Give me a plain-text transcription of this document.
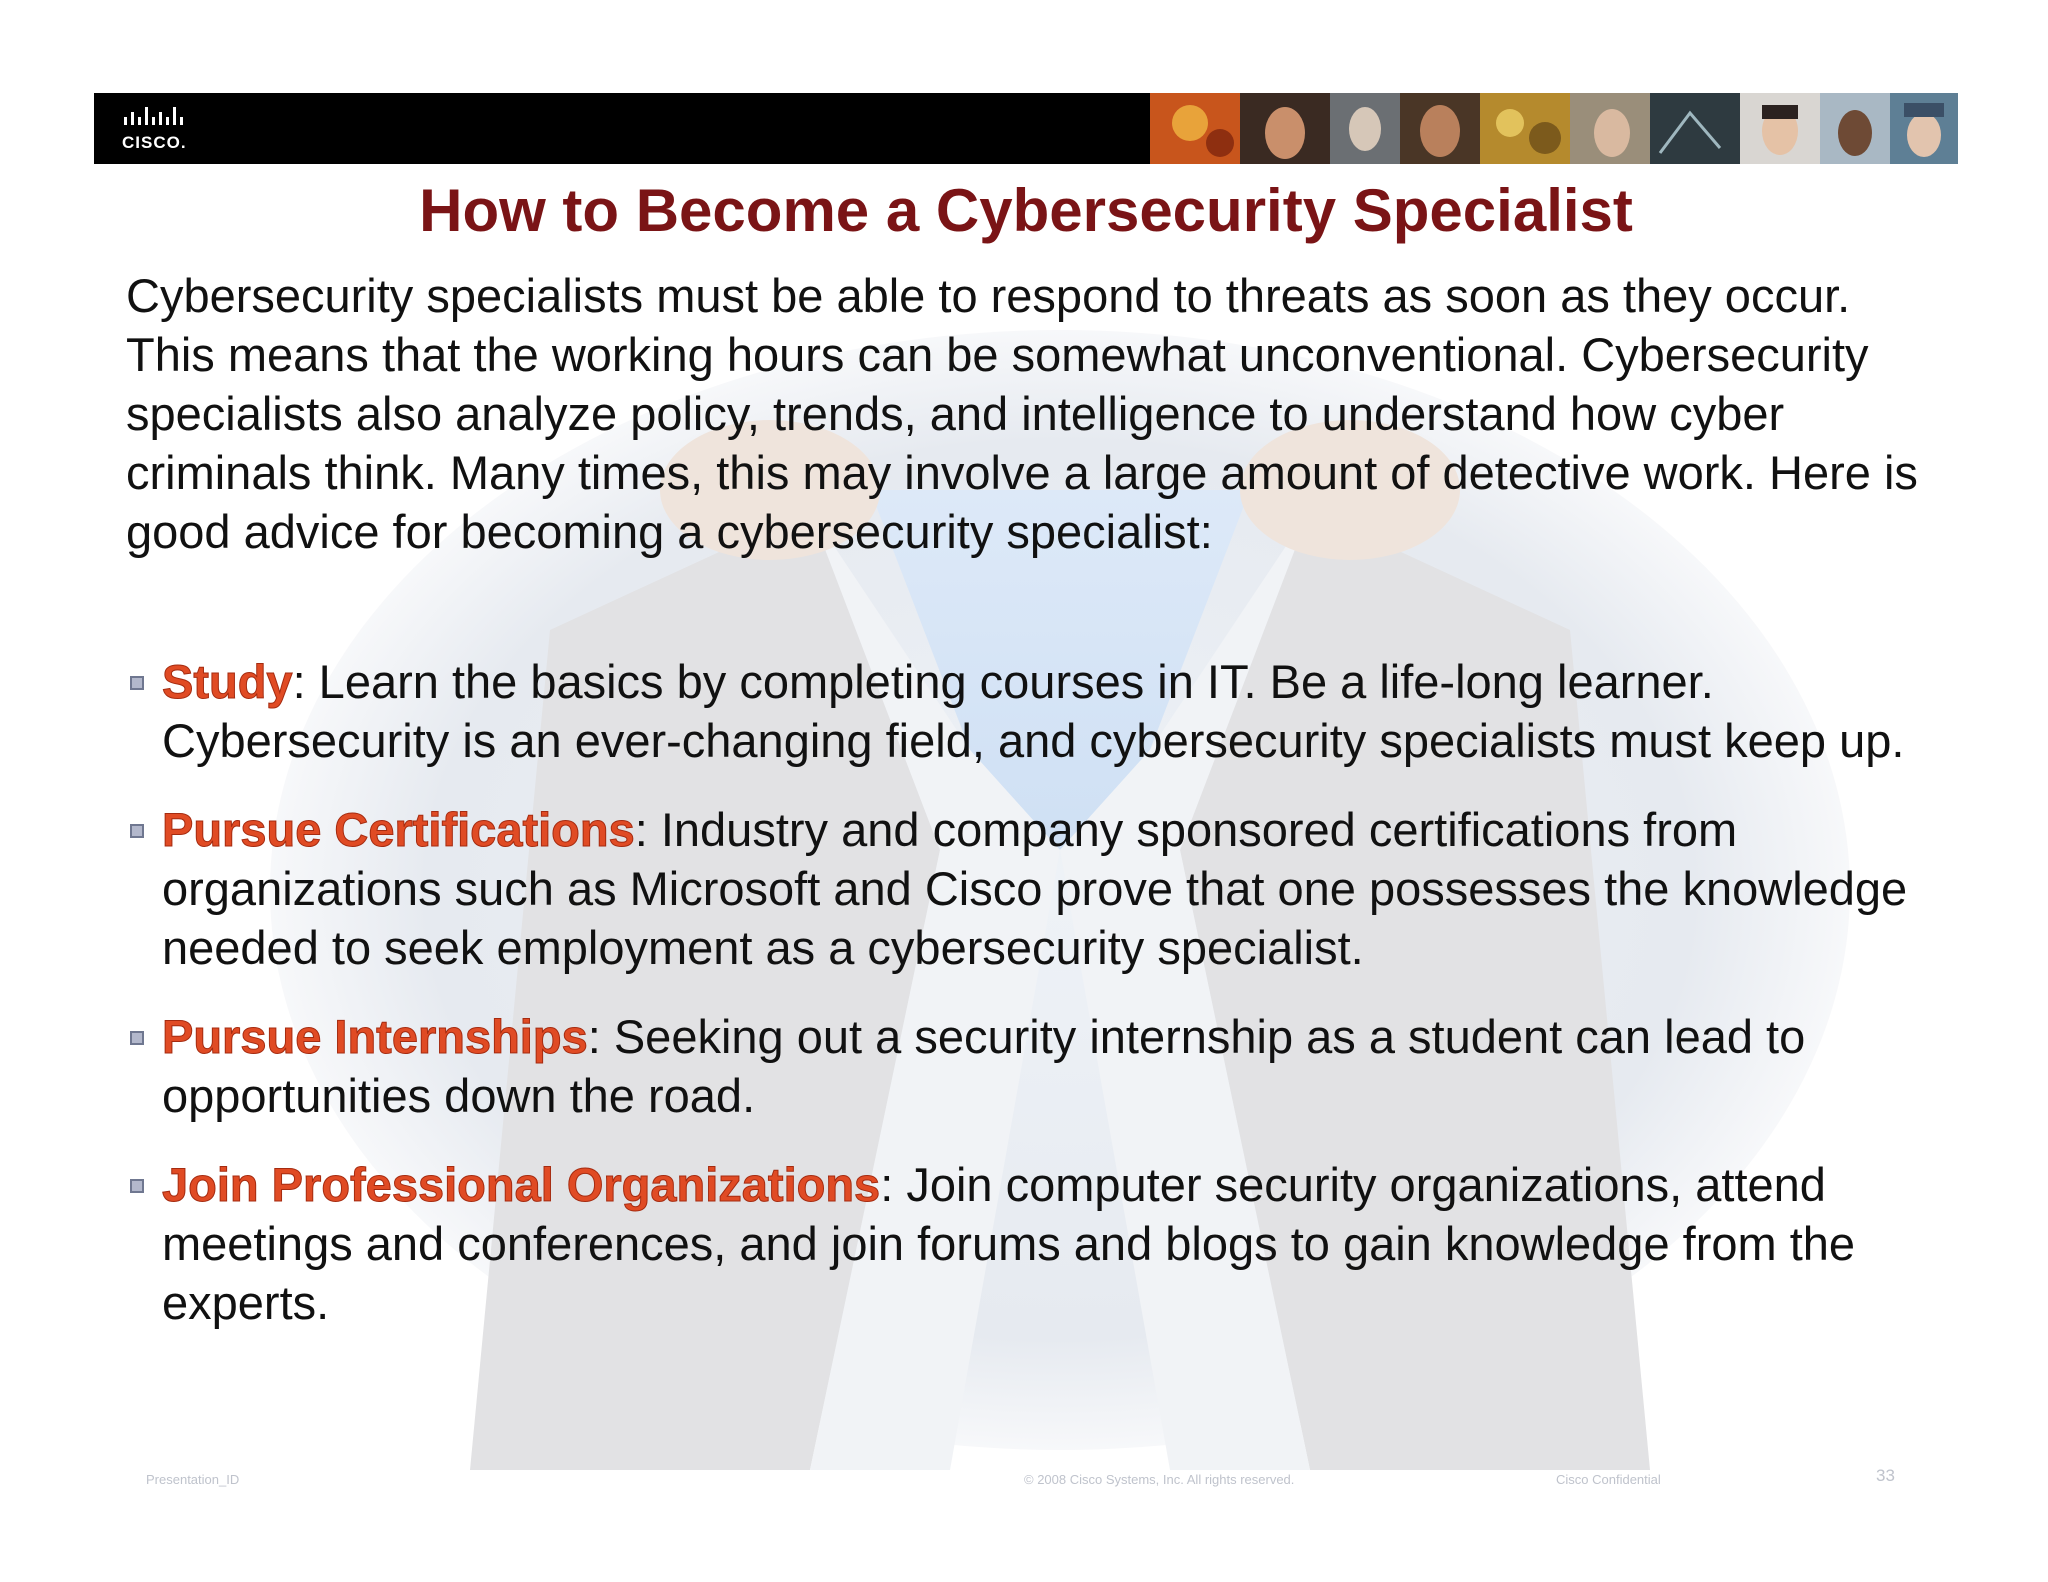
CISCO.
How to Become a Cybersecurity Specialist
Cybersecurity specialists must be able to respond to threats as soon as they occur. This means that the working hours can be somewhat unconventional. Cybersecurity specialists also analyze policy, trends, and intelligence to understand how cyber criminals think. Many times, this may involve a large amount of detective work. Here is good advice for becoming a cybersecurity specialist:
Study: Learn the basics by completing courses in IT. Be a life-long learner. Cybersecurity is an ever-changing field, and cybersecurity specialists must keep up.
Pursue Certifications: Industry and company sponsored certifications from organizations such as Microsoft and Cisco prove that one possesses the knowledge needed to seek employment as a cybersecurity specialist.
Pursue Internships: Seeking out a security internship as a student can lead to opportunities down the road.
Join Professional Organizations: Join computer security organizations, attend meetings and conferences, and join forums and blogs to gain knowledge from the experts.
Presentation_ID	© 2008 Cisco Systems, Inc. All rights reserved.	Cisco Confidential	33
